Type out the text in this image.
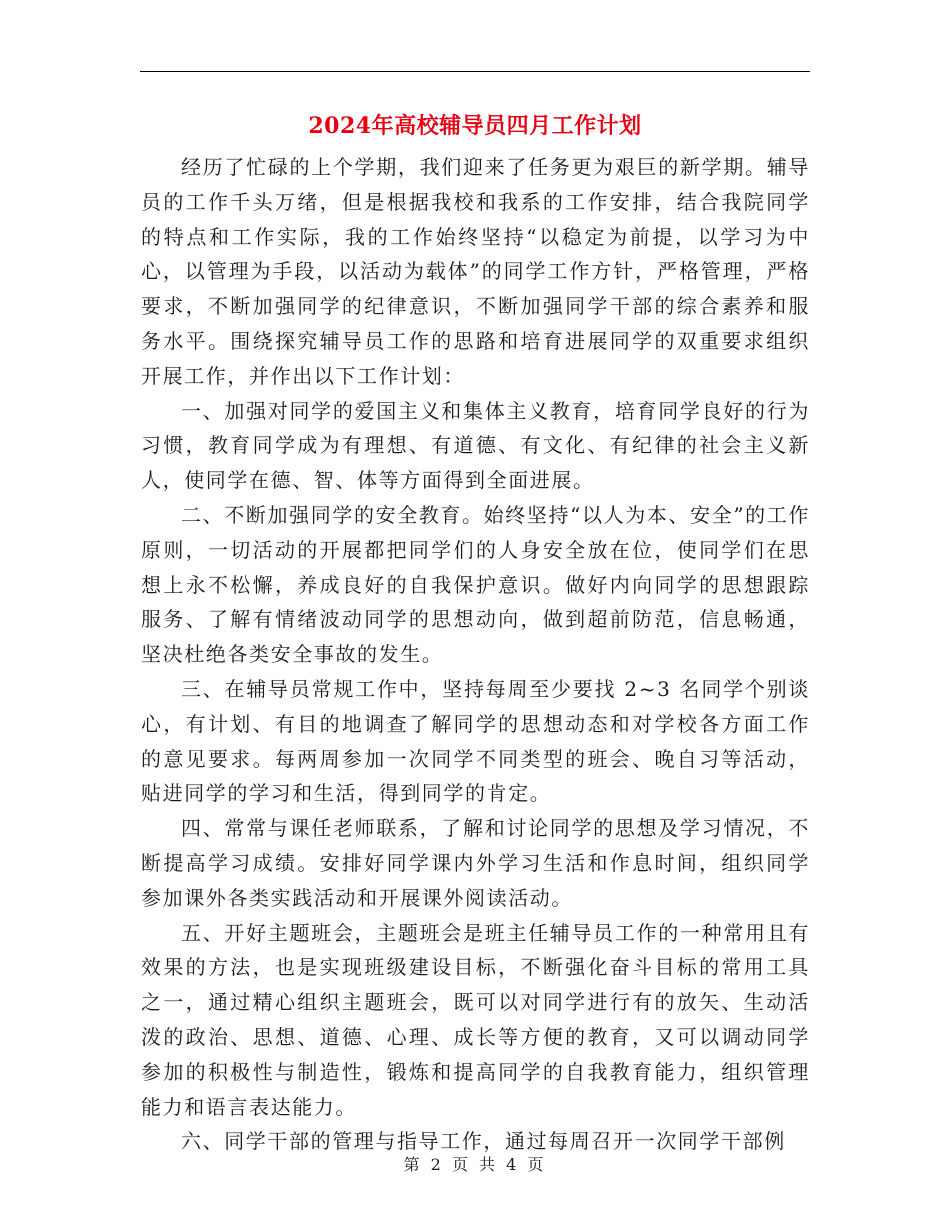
2024年高校辅导员四月工作计划

经历了忙碌的上个学期，我们迎来了任务更为艰巨的新学期。辅导员的工作千头万绪，但是根据我校和我系的工作安排，结合我院同学的特点和工作实际，我的工作始终坚持“以稳定为前提，以学习为中心，以管理为手段，以活动为载体”的同学工作方针，严格管理，严格要求，不断加强同学的纪律意识，不断加强同学干部的综合素养和服务水平。围绕探究辅导员工作的思路和培育进展同学的双重要求组织开展工作，并作出以下工作计划：

一、加强对同学的爱国主义和集体主义教育，培育同学良好的行为习惯，教育同学成为有理想、有道德、有文化、有纪律的社会主义新人，使同学在德、智、体等方面得到全面进展。

二、不断加强同学的安全教育。始终坚持“以人为本、安全”的工作原则，一切活动的开展都把同学们的人身安全放在位，使同学们在思想上永不松懈，养成良好的自我保护意识。做好内向同学的思想跟踪服务、了解有情绪波动同学的思想动向，做到超前防范，信息畅通，坚决杜绝各类安全事故的发生。

三、在辅导员常规工作中，坚持每周至少要找 2~3 名同学个别谈心，有计划、有目的地调查了解同学的思想动态和对学校各方面工作的意见要求。每两周参加一次同学不同类型的班会、晚自习等活动，贴进同学的学习和生活，得到同学的肯定。

四、常常与课任老师联系，了解和讨论同学的思想及学习情况，不断提高学习成绩。安排好同学课内外学习生活和作息时间，组织同学参加课外各类实践活动和开展课外阅读活动。

五、开好主题班会，主题班会是班主任辅导员工作的一种常用且有效果的方法，也是实现班级建设目标，不断强化奋斗目标的常用工具之一，通过精心组织主题班会，既可以对同学进行有的放矢、生动活泼的政治、思想、道德、心理、成长等方便的教育，又可以调动同学参加的积极性与制造性，锻炼和提高同学的自我教育能力，组织管理能力和语言表达能力。

六、同学干部的管理与指导工作，通过每周召开一次同学干部例

第 2 页 共 4 页
